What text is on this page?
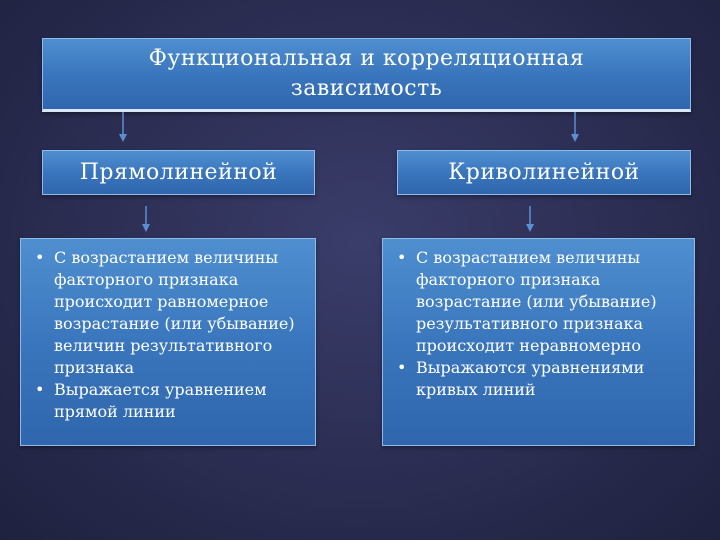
Функциональная и корреляционная зависимость
Прямолинейной	Криволинейной
• С возрастанием величины факторного признака происходит равномерное возрастание (или убывание) величин результативного признака
• Выражается уравнением прямой линии
• С возрастанием величины факторного признака возрастание (или убывание) результативного признака происходит неравномерно
• Выражаются уравнениями кривых линий
